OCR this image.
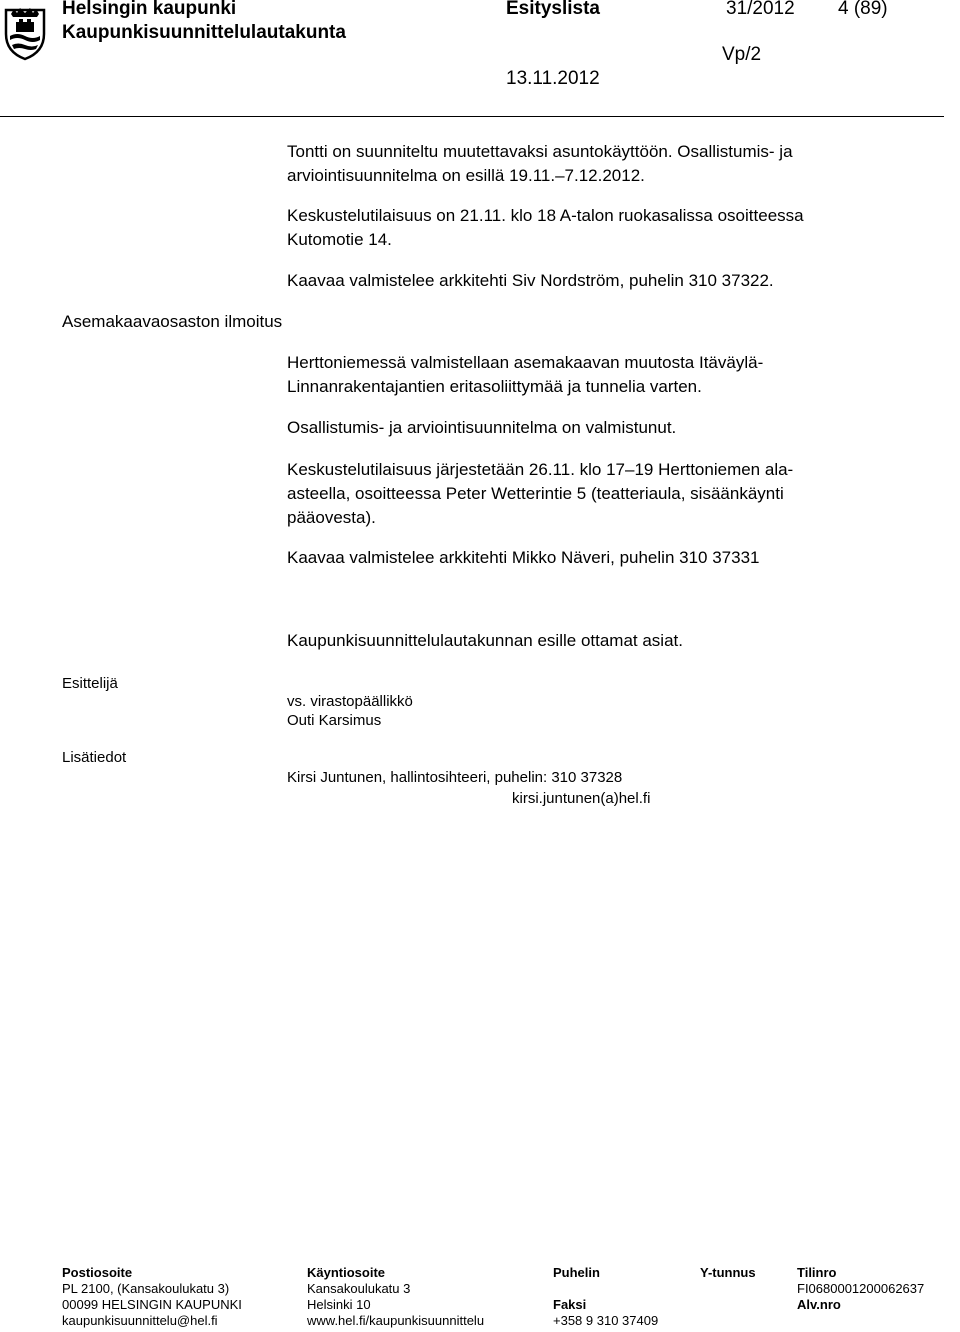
Helsingin kaupunki
Kaupunkisuunnittelulautakunta
Esityslista	31/2012 4 (89)
Vp/2
13.11.2012
Tontti on suunniteltu muutettavaksi asuntokäyttöön. Osallistumis- ja
arviointisuunnitelma on esillä 19.11.–7.12.2012.
Keskustelutilaisuus on 21.11. klo 18 A-talon ruokasalissa osoitteessa
Kutomotie 14.
Kaavaa valmistelee arkkitehti Siv Nordström, puhelin 310 37322.
Asemakaavaosaston ilmoitus
Herttoniemessä valmistellaan asemakaavan muutosta Itäväylä-
Linnanrakentajantien eritasoliittymää ja tunnelia varten.
Osallistumis- ja arviointisuunnitelma on valmistunut.
Keskustelutilaisuus järjestetään 26.11. klo 17–19 Herttoniemen ala-
asteella, osoitteessa Peter Wetterintie 5 (teatteriaula, sisäänkäynti
pääovesta).
Kaavaa valmistelee arkkitehti Mikko Näveri, puhelin 310 37331
Kaupunkisuunnittelulautakunnan esille ottamat asiat.
Esittelijä
vs. virastopäällikkö
Outi Karsimus
Lisätiedot
Kirsi Juntunen, hallintosihteeri, puhelin: 310 37328
kirsi.juntunen(a)hel.fi
Postiosoite
PL 2100, (Kansakoulukatu 3)
00099 HELSINGIN KAUPUNKI
kaupunkisuunnittelu@hel.fi
Käyntiosoite
Kansakoulukatu 3
Helsinki 10
www.hel.fi/kaupunkisuunnittelu
Puhelin
Faksi
+358 9 310 37409
Y-tunnus	Tilinro
FI0680001200062637
Alv.nro
